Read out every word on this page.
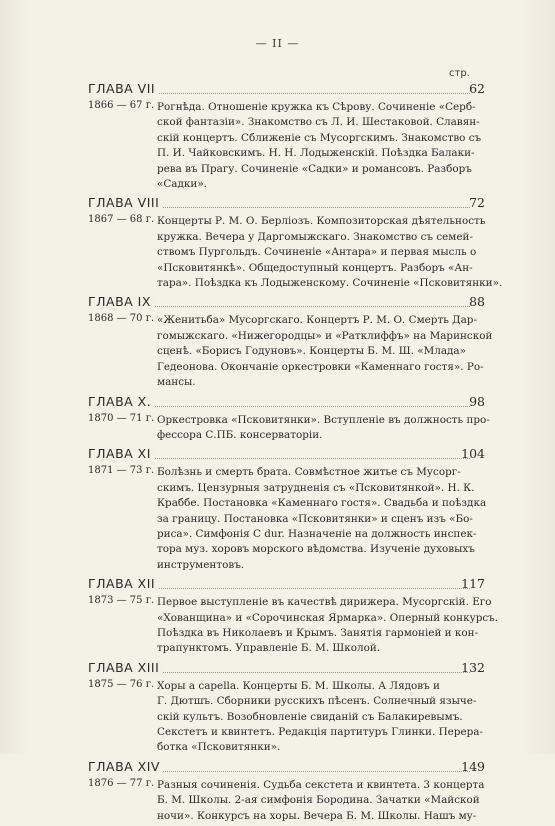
— II —
стр.
ГЛАВА VII	62
1866 — 67 г. Рогнѣда. Отношеніе кружка къ Сѣрову. Сочиненіе «Серб-
ской фантазіи». Знакомство съ Л. И. Шестаковой. Славян-
скій концертъ. Сближеніе съ Мусоргскимъ. Знакомство съ
П. И. Чайковскимъ. Н. Н. Лодыженскій. Поѣздка Балаки-
рева въ Прагу. Сочиненіе «Садки» и романсовъ. Разборъ
«Садки».
ГЛАВА VIII	72
1867 — 68 г. Концерты Р. М. О. Берліозъ. Композиторская дѣятельность
кружка. Вечера у Даргомыжскаго. Знакомство съ семей-
ствомъ Пургольдъ. Сочиненіе «Антара» и первая мысль о
«Псковитянкѣ». Общедоступный концертъ. Разборъ «Ан-
тара». Поѣздка къ Лодыженскому. Сочиненіе «Псковитянки».
ГЛАВА IX	88
1868 — 70 г. «Женитьба» Мусоргскаго. Концертъ Р. М. О. Смерть Дар-
гомыжскаго. «Нижегородцы» и «Ратклиффъ» на Маринской
сценѣ. «Борисъ Годуновъ». Концерты Б. М. Ш. «Млада»
Гедеонова. Окончаніе оркестровки «Каменнаго гостя». Ро-
мансы.
ГЛАВА X.	98
1870 — 71 г. Оркестровка «Псковитянки». Вступленіе въ должность про-
фессора С.ПБ. консерваторіи.
ГЛАВА XI	104
1871 — 73 г. Болѣзнь и смерть брата. Совмѣстное житье съ Мусорг-
скимъ. Цензурныя затрудненія съ «Псковитянкой». Н. К.
Краббе. Постановка «Каменнаго гостя». Свадьба и поѣздка
за границу. Постановка «Псковитянки» и сценъ изъ «Бо-
риса». Симфонія C dur. Назначеніе на должность инспек-
тора муз. хоровъ морского вѣдомства. Изученіе духовыхъ
инструментовъ.
ГЛАВА XII	117
1873 — 75 г. Первое выступленіе въ качествѣ дирижера. Мусоргскій. Его
«Хованщина» и «Сорочинская Ярмарка». Оперный конкурсъ.
Поѣздка въ Николаевъ и Крымъ. Занятія гармоніей и кон-
трапунктомъ. Управленіе Б. М. Школой.
ГЛАВА XIII	132
1875 — 76 г. Хоры a capella. Концерты Б. М. Школы. А Лядовъ и
Г. Дютшъ. Сборники русскихъ пѣсенъ. Солнечный языче-
скій культъ. Возобновленіе свиданій съ Балакиревымъ.
Секстетъ и квинтетъ. Редакція партитуръ Глинки. Перера-
ботка «Псковитянки».
ГЛАВА XIV	149
1876 — 77 г. Разныя сочиненія. Судьба секстета и квинтета. 3 концерта
Б. М. Школы. 2-ая симфонія Бородина. Зачатки «Майской
ночи». Конкурсъ на хоры. Вечера Б. М. Школы. Нашъ му-
